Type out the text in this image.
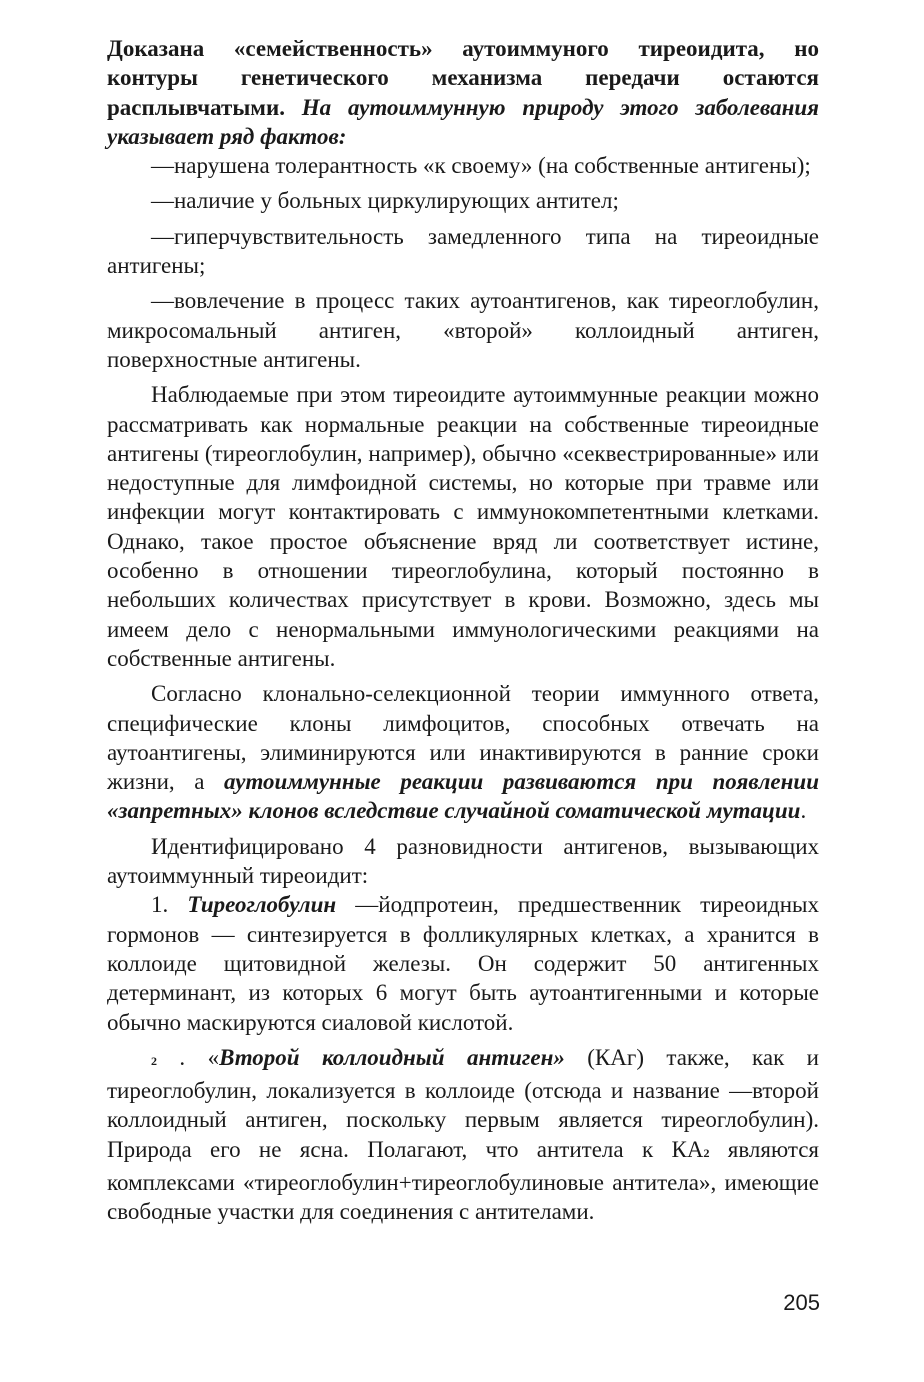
Доказана «семейственность» аутоиммуного тиреоидита, но контуры генетического механизма передачи остаются расплывчатыми. На аутоиммунную природу этого заболевания указывает ряд фактов:

—нарушена толерантность «к своему» (на собственные антигены);

—наличие у больных циркулирующих антител;

—гиперчувствительность замедленного типа на тиреоидные антигены;

—вовлечение в процесс таких аутоантигенов, как тиреоглобулин, микросомальный антиген, «второй» коллоидный антиген, поверхностные антигены.

Наблюдаемые при этом тиреоидите аутоиммунные реакции можно рассматривать как нормальные реакции на собственные тиреоидные антигены (тиреоглобулин, например), обычно «секвестрированные» или недоступные для лимфоидной системы, но которые при травме или инфекции могут контактировать с иммунокомпетентными клетками. Однако, такое простое объяснение вряд ли соответствует истине, особенно в отношении тиреоглобулина, который постоянно в небольших количествах присутствует в крови. Возможно, здесь мы имеем дело с ненормальными иммунологическими реакциями на собственные антигены.

Согласно клонально-селекционной теории иммунного ответа, специфические клоны лимфоцитов, способных отвечать на аутоантигены, элиминируются или инактивируются в ранние сроки жизни, а аутоиммунные реакции развиваются при появлении «запретных» клонов вследствие случайной соматической мутации.

Идентифицировано 4 разновидности антигенов, вызывающих аутоиммунный тиреоидит:

1. Тиреоглобулин —йодпротеин, предшественник тиреоидных гормонов — синтезируется в фолликулярных клетках, а хранится в коллоиде щитовидной железы. Он содержит 50 антигенных детерминант, из которых 6 могут быть аутоантигенными и которые обычно маскируются сиаловой кислотой.

2 . «Второй коллоидный антиген» (КАг) также, как и тиреоглобулин, локализуется в коллоиде (отсюда и название —второй коллоидный антиген, поскольку первым является тиреоглобулин). Природа его не ясна. Полагают, что антитела к КА2 являются комплексами «тиреоглобулин+тиреоглобулиновые антитела», имеющие свободные участки для соединения с антителами.

205
